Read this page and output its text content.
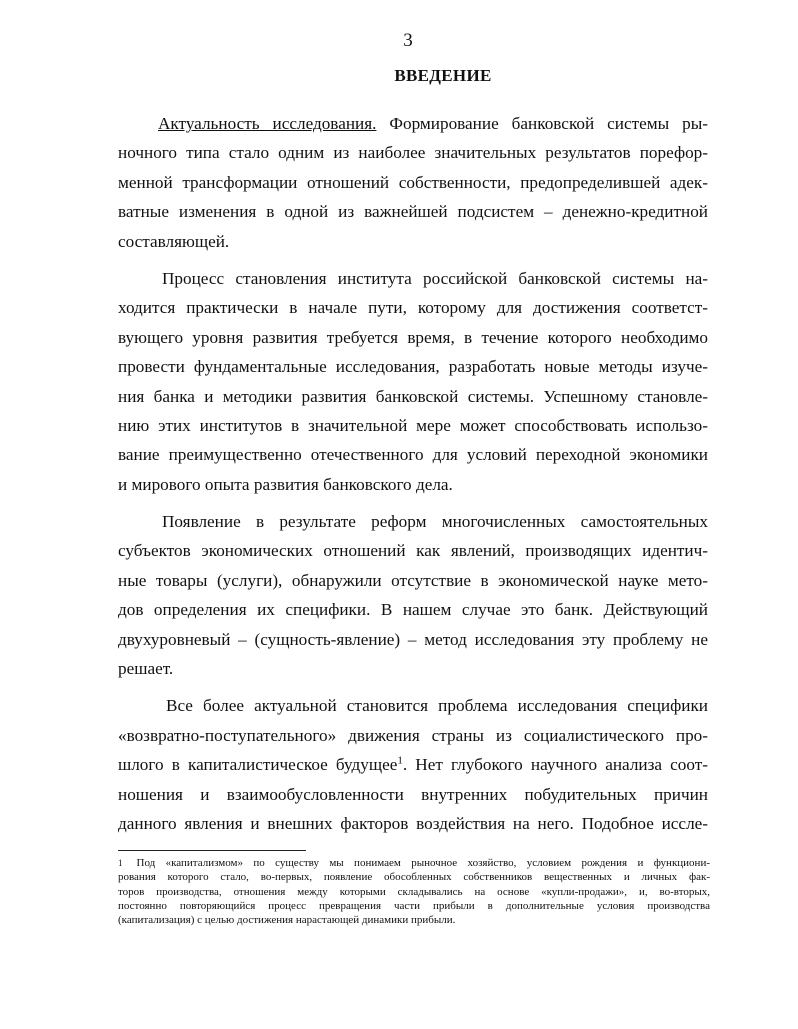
3
ВВЕДЕНИЕ

Актуальность исследования. Формирование банковской системы ры-
ночного типа стало одним из наиболее значительных результатов порефор-
менной трансформации отношений собственности, предопределившей адек-
ватные изменения в одной из важнейшей подсистем – денежно-кредитной
составляющей.

Процесс становления института российской банковской системы на-
ходится практически в начале пути, которому для достижения соответст-
вующего уровня развития требуется время, в течение которого необходимо
провести фундаментальные исследования, разработать новые методы изуче-
ния банка и методики развития банковской системы. Успешному становле-
нию этих институтов в значительной мере может способствовать использо-
вание преимущественно отечественного для условий переходной экономики
и мирового опыта развития банковского дела.

Появление в результате реформ многочисленных самостоятельных
субъектов экономических отношений как явлений, производящих идентич-
ные товары (услуги), обнаружили отсутствие в экономической науке мето-
дов определения их специфики. В нашем случае это банк. Действующий
двухуровневый – (сущность-явление) – метод исследования эту проблему не
решает.

Все более актуальной становится проблема исследования специфики
«возвратно-поступательного» движения страны из социалистического про-
шлого в капиталистическое будущее$^1$. Нет глубокого научного анализа соот-
ношения и взаимообусловленности внутренних побудительных причин
данного явления и внешних факторов воздействия на него. Подобное иссле-

$^1$ Под «капитализмом» по существу мы понимаем рыночное хозяйство, условием рождения и функциони-
рования которого стало, во-первых, появление обособленных собственников вещественных и личных фак-
торов производства, отношения между которыми складывались на основе «купли-продажи», и, во-вторых,
постоянно повторяющийся процесс превращения части прибыли в дополнительные условия производства
(капитализация) с целью достижения нарастающей динамики прибыли.
